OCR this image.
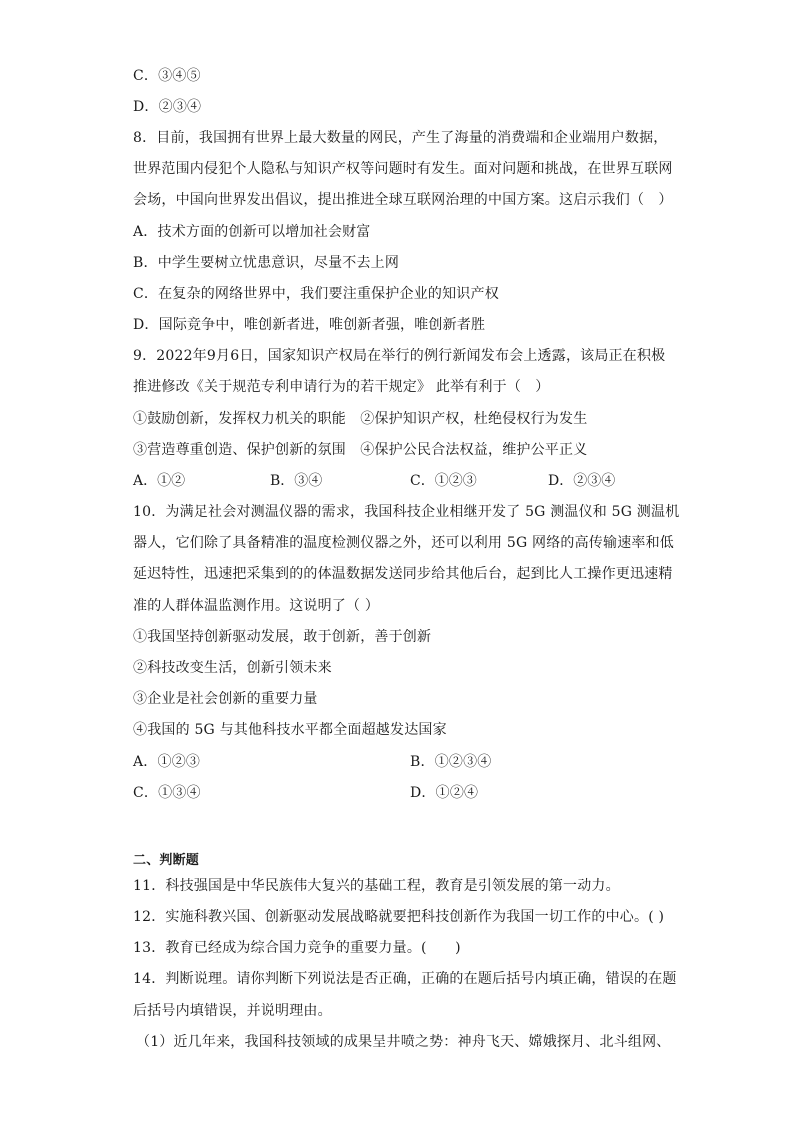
C．③④⑤
D．②③④
8．目前，我国拥有世界上最大数量的网民，产生了海量的消费端和企业端用户数据，
世界范围内侵犯个人隐私与知识产权等问题时有发生。面对问题和挑战，在世界互联网
会场，中国向世界发出倡议，提出推进全球互联网治理的中国方案。这启示我们（　）
A．技术方面的创新可以增加社会财富
B．中学生要树立忧患意识，尽量不去上网
C．在复杂的网络世界中，我们要注重保护企业的知识产权
D．国际竞争中，唯创新者进，唯创新者强，唯创新者胜
9．2022年9月6日，国家知识产权局在举行的例行新闻发布会上透露，该局正在积极
推进修改《关于规范专利申请行为的若干规定》 此举有利于（　）
①鼓励创新，发挥权力机关的职能　②保护知识产权，杜绝侵权行为发生
③营造尊重创造、保护创新的氛围　④保护公民合法权益，维护公平正义
A．①②	B．③④	C．①②③	D．②③④
10．为满足社会对测温仪器的需求，我国科技企业相继开发了 5G 测温仪和 5G 测温机
器人，它们除了具备精准的温度检测仪器之外，还可以利用 5G 网络的高传输速率和低
延迟特性，迅速把采集到的的体温数据发送同步给其他后台，起到比人工操作更迅速精
准的人群体温监测作用。这说明了（ ）
①我国坚持创新驱动发展，敢于创新，善于创新
②科技改变生活，创新引领未来
③企业是社会创新的重要力量
④我国的 5G 与其他科技水平都全面超越发达国家
A．①②③	B．①②③④
C．①③④	D．①②④
二、判断题
11．科技强国是中华民族伟大复兴的基础工程，教育是引领发展的第一动力。
12．实施科教兴国、创新驱动发展战略就要把科技创新作为我国一切工作的中心。( )
13．教育已经成为综合国力竞争的重要力量。(　　)
14．判断说理。请你判断下列说法是否正确，正确的在题后括号内填正确，错误的在题
后括号内填错误，并说明理由。
（1）近几年来，我国科技领域的成果呈井喷之势：神舟飞天、嫦娥探月、北斗组网、
